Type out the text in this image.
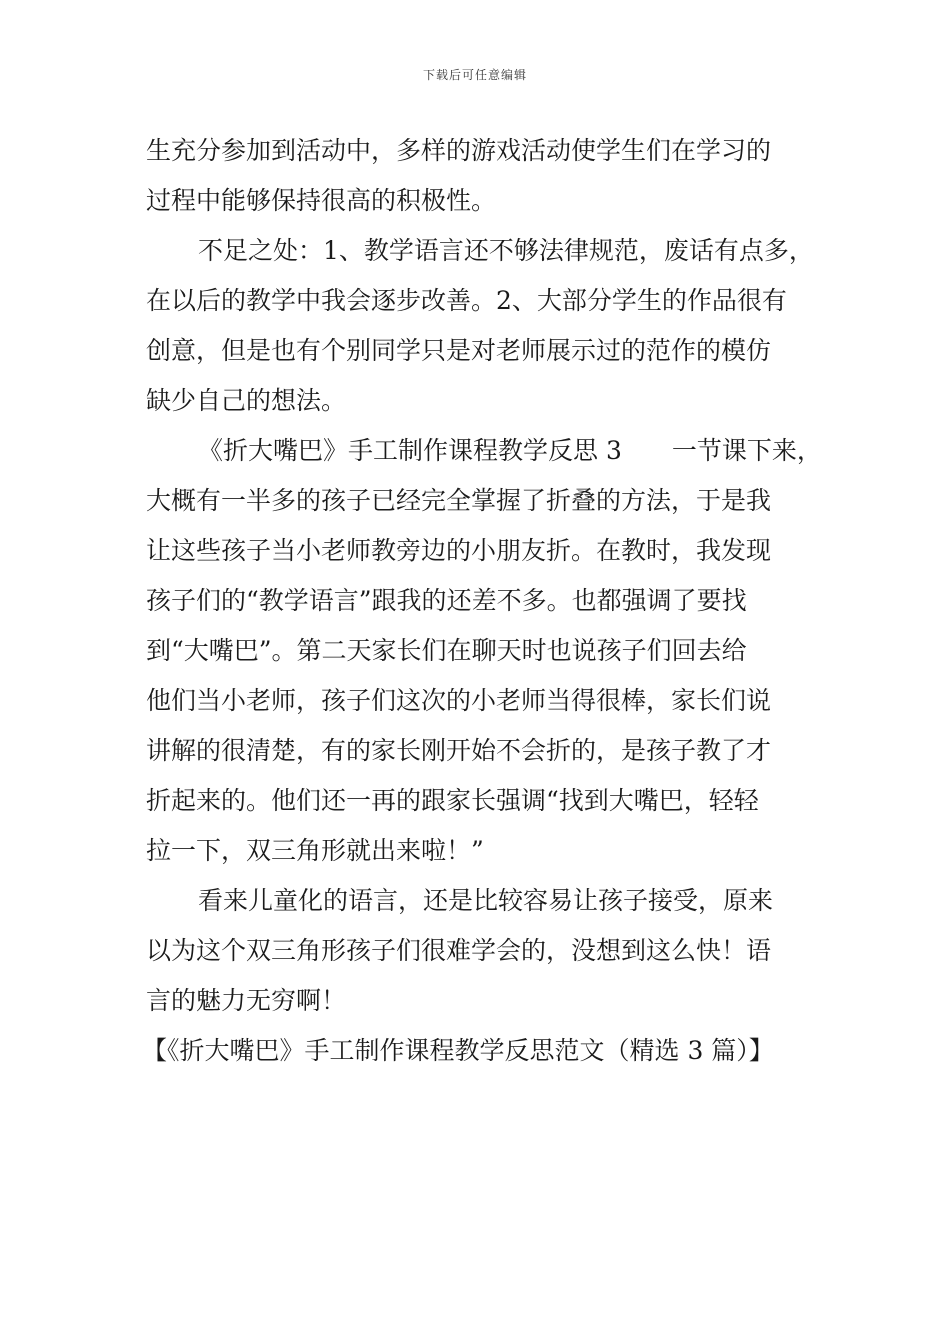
下载后可任意编辑
生充分参加到活动中，多样的游戏活动使学生们在学习的
过程中能够保持很高的积极性。
不足之处：1、教学语言还不够法律规范，废话有点多，
在以后的教学中我会逐步改善。2、大部分学生的作品很有
创意，但是也有个别同学只是对老师展示过的范作的模仿
缺少自己的想法。
《折大嘴巴》手工制作课程教学反思 3　　一节课下来，
大概有一半多的孩子已经完全掌握了折叠的方法，于是我
让这些孩子当小老师教旁边的小朋友折。在教时，我发现
孩子们的“教学语言”跟我的还差不多。也都强调了要找
到“大嘴巴”。第二天家长们在聊天时也说孩子们回去给
他们当小老师，孩子们这次的小老师当得很棒，家长们说
讲解的很清楚，有的家长刚开始不会折的，是孩子教了才
折起来的。他们还一再的跟家长强调“找到大嘴巴，轻轻
拉一下，双三角形就出来啦！”
看来儿童化的语言，还是比较容易让孩子接受，原来
以为这个双三角形孩子们很难学会的，没想到这么快！语
言的魅力无穷啊！
【《折大嘴巴》手工制作课程教学反思范文（精选 3 篇）】
